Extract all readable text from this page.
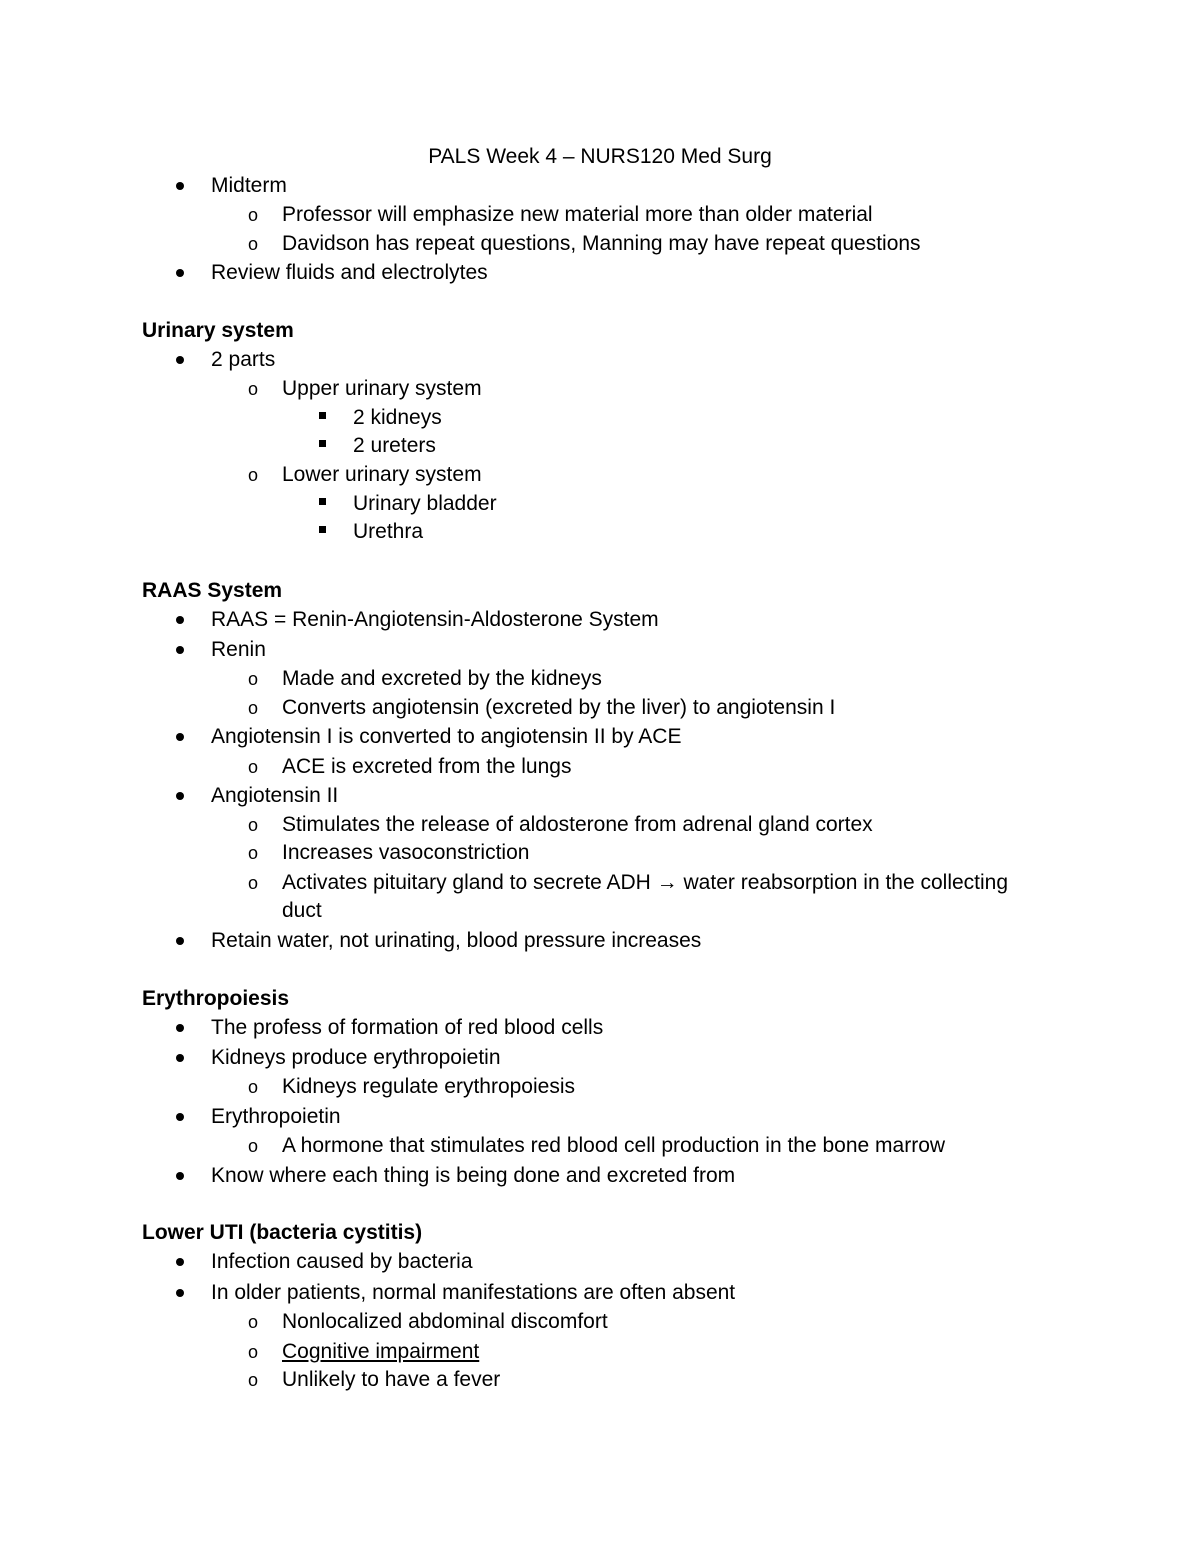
PALS Week 4 – NURS120 Med Surg
Midterm
o Professor will emphasize new material more than older material
o Davidson has repeat questions, Manning may have repeat questions
Review fluids and electrolytes
Urinary system
2 parts
o Upper urinary system
2 kidneys
2 ureters
o Lower urinary system
Urinary bladder
Urethra
RAAS System
RAAS = Renin-Angiotensin-Aldosterone System
Renin
o Made and excreted by the kidneys
o Converts angiotensin (excreted by the liver) to angiotensin I
Angiotensin I is converted to angiotensin II by ACE
o ACE is excreted from the lungs
Angiotensin II
o Stimulates the release of aldosterone from adrenal gland cortex
o Increases vasoconstriction
o Activates pituitary gland to secrete ADH → water reabsorption in the collecting
duct
Retain water, not urinating, blood pressure increases
Erythropoiesis
The profess of formation of red blood cells
Kidneys produce erythropoietin
o Kidneys regulate erythropoiesis
Erythropoietin
o A hormone that stimulates red blood cell production in the bone marrow
Know where each thing is being done and excreted from
Lower UTI (bacteria cystitis)
Infection caused by bacteria
In older patients, normal manifestations are often absent
o Nonlocalized abdominal discomfort
o Cognitive impairment
o Unlikely to have a fever
